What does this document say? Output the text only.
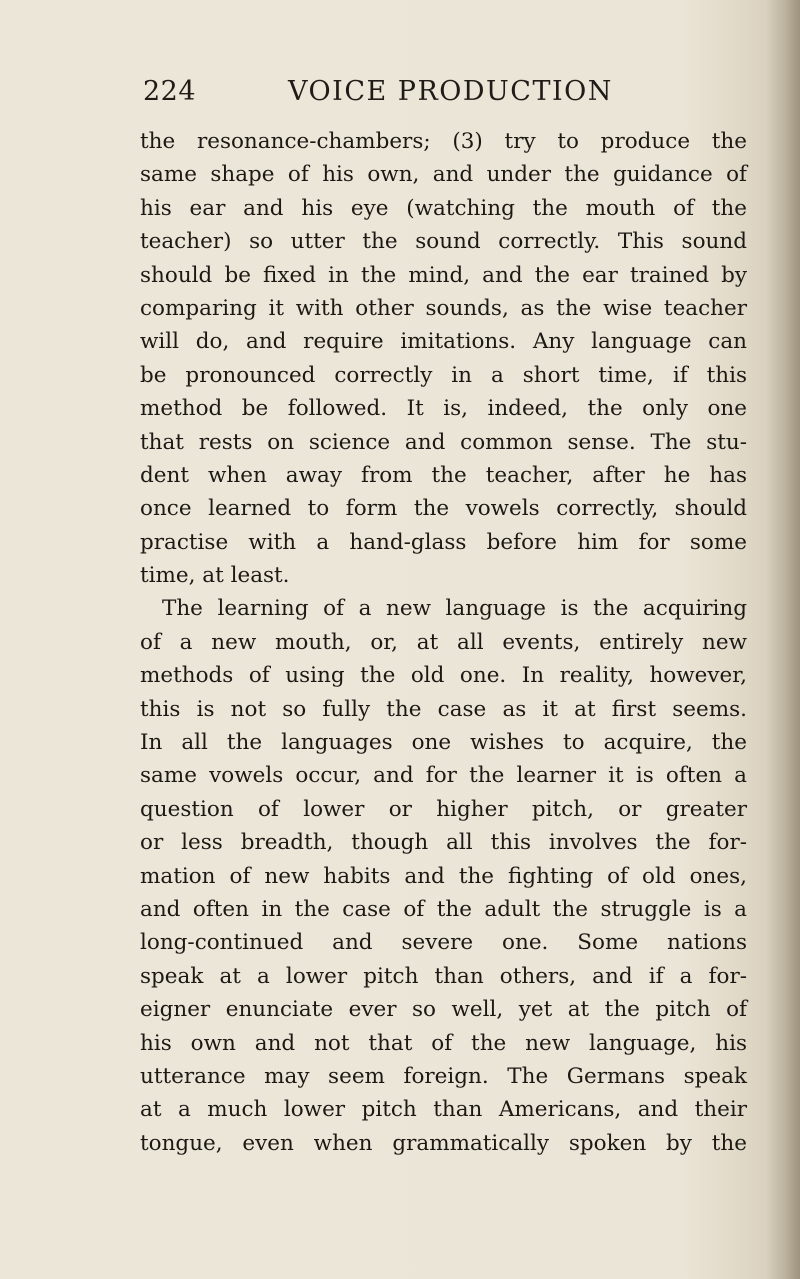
224	VOICE PRODUCTION
the resonance-chambers; (3) try to produce the
same shape of his own, and under the guidance of
his ear and his eye (watching the mouth of the
teacher) so utter the sound correctly. This sound
should be fixed in the mind, and the ear trained by
comparing it with other sounds, as the wise teacher
will do, and require imitations. Any language can
be pronounced correctly in a short time, if this
method be followed. It is, indeed, the only one
that rests on science and common sense. The stu-
dent when away from the teacher, after he has
once learned to form the vowels correctly, should
practise with a hand-glass before him for some
time, at least.
The learning of a new language is the acquiring
of a new mouth, or, at all events, entirely new
methods of using the old one. In reality, however,
this is not so fully the case as it at first seems.
In all the languages one wishes to acquire, the
same vowels occur, and for the learner it is often a
question of lower or higher pitch, or greater
or less breadth, though all this involves the for-
mation of new habits and the fighting of old ones,
and often in the case of the adult the struggle is a
long-continued and severe one. Some nations
speak at a lower pitch than others, and if a for-
eigner enunciate ever so well, yet at the pitch of
his own and not that of the new language, his
utterance may seem foreign. The Germans speak
at a much lower pitch than Americans, and their
tongue, even when grammatically spoken by the
